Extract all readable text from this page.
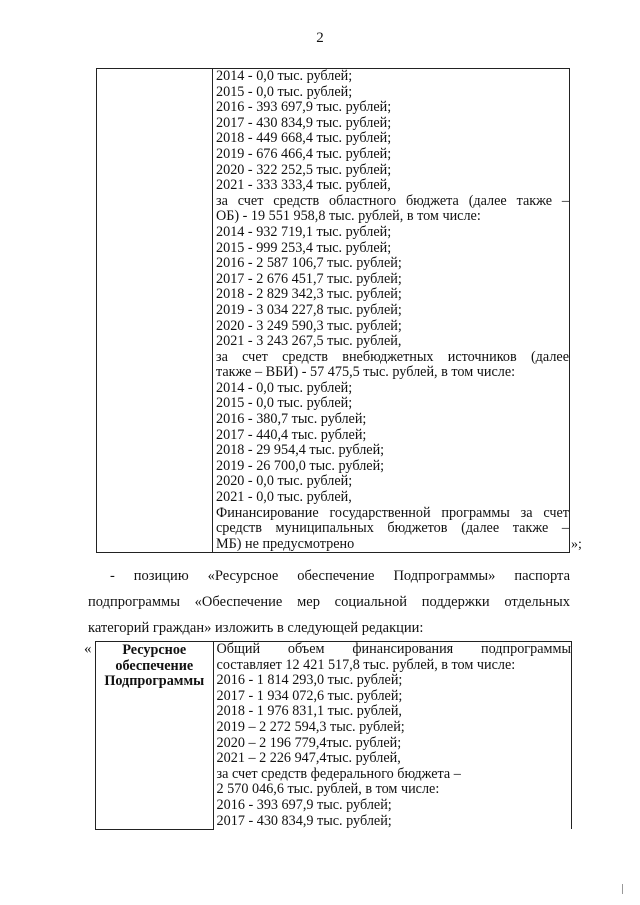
2

2014 - 0,0 тыс. рублей;
2015 - 0,0 тыс. рублей;
2016 - 393 697,9 тыс. рублей;
2017 - 430 834,9 тыс. рублей;
2018 - 449 668,4 тыс. рублей;
2019 - 676 466,4 тыс. рублей;
2020 - 322 252,5 тыс. рублей;
2021 - 333 333,4 тыс. рублей,
за счет средств областного бюджета (далее также –
ОБ) - 19 551 958,8 тыс. рублей, в том числе:
2014 - 932 719,1 тыс. рублей;
2015 - 999 253,4 тыс. рублей;
2016 - 2 587 106,7 тыс. рублей;
2017 - 2 676 451,7 тыс. рублей;
2018 - 2 829 342,3 тыс. рублей;
2019 - 3 034 227,8 тыс. рублей;
2020 - 3 249 590,3 тыс. рублей;
2021 - 3 243 267,5 тыс. рублей,
за счет средств внебюджетных источников (далее
также – ВБИ) - 57 475,5 тыс. рублей, в том числе:
2014 - 0,0 тыс. рублей;
2015 - 0,0 тыс. рублей;
2016 - 380,7 тыс. рублей;
2017 - 440,4 тыс. рублей;
2018 - 29 954,4 тыс. рублей;
2019 - 26 700,0 тыс. рублей;
2020 - 0,0 тыс. рублей;
2021 - 0,0 тыс. рублей,
Финансирование государственной программы за счет
средств муниципальных бюджетов (далее также –
МБ) не предусмотрено	»;
- позицию «Ресурсное обеспечение Подпрограммы» паспорта
подпрограммы «Обеспечение мер социальной поддержки отдельных
категорий граждан» изложить в следующей редакции:
«	Ресурсное
обеспечение
Подпрограммы

Общий объем финансирования подпрограммы
составляет 12 421 517,8 тыс. рублей, в том числе:
2016 - 1 814 293,0 тыс. рублей;
2017 - 1 934 072,6 тыс. рублей;
2018 - 1 976 831,1 тыс. рублей,
2019 – 2 272 594,3 тыс. рублей;
2020 – 2 196 779,4тыс. рублей;
2021 – 2 226 947,4тыс. рублей,
за счет средств федерального бюджета –
2 570 046,6 тыс. рублей, в том числе:
2016 - 393 697,9 тыс. рублей;
2017 - 430 834,9 тыс. рублей;
